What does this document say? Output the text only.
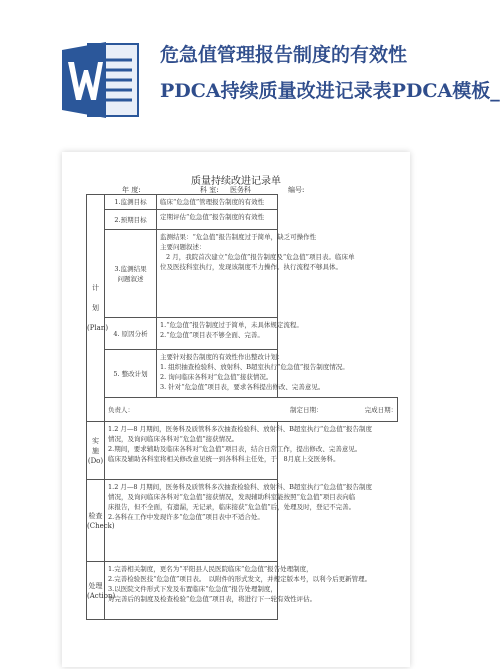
危急值管理报告制度的有效性
PDCA持续质量改进记录表PDCA模板_
质量持续改进记录单
年 度:	科 室: 医务科	编号:
计

划

(Plan)	1.监测目标	临床“危急值”管理报告制度的有效性	

	2.预期目标	定期评估“危急值”报告制度的有效性	

	3.监测结果
问题叙述	监测结果：“危急值”报告制度过于简单，缺乏可操作性
主要问题叙述：
2 月，我院首次建立“危急值”报告制度及“危急值”项目表。临床单
位及医技科室执行，发现该制度不力操作。执行流程不够具体。	

	4. 原因分析	1.“危急值”报告制度过于简单，未具体规定流程。
2.“危急值”项目表不够全面、完善。	

	5. 整改计划	主要针对报告制度的有效性作出整改计划：
1. 组织抽查检验科、放射科、B超室执行“危急值”报告制度情况。
2. 询问临床各科对“危急值”接获情况。
3. 针对“危急值”项目表，要求各科提出修改、完善意见。	

	负责人：		制定日期： 完成日期：

实
施
(Do)	1.2 月—8 月期间，医务科及质管科多次抽查检验科、放射科、B超室执行“危急值”报告制度
情况，及询问临床各科对“危急值”接获情况。
2.期间，要求辅助及临床各科对“危急值”项目表，结合日常工作，提出修改、完善意见。
临床及辅助各科室将相关修改意见统一到各科科主任处，于　8月底上交医务科。		

检查
(Check)	1.2 月—8 月期间，医务科及质管科多次抽查检验科、放射科、B超室执行“危急值”报告制度
情况，及询问临床各科对“危急值”接获情况，发现辅助科室能按照“危急值”项目表向临
床报告，但不全面，有遗漏，无记录，临床接获“危急值”后，处理及时，登记不完善。
2.各科在工作中发现许多“危急值”项目表中不适合处。		

处理
(Action)	1.完善相关制度，更名为“平阳县人民医院临床“危急值”报告处理制度，
2.完善检验医技“危急值”项目表。　以附件的形式发文，并规定版本号，以利今后更新管理。
3.以医院文件形式下发及布置临床“危急值”报告处理制度，
对完善后的制度及检查检验“危急值”项目表，将进行下一轮有效性评估。		
